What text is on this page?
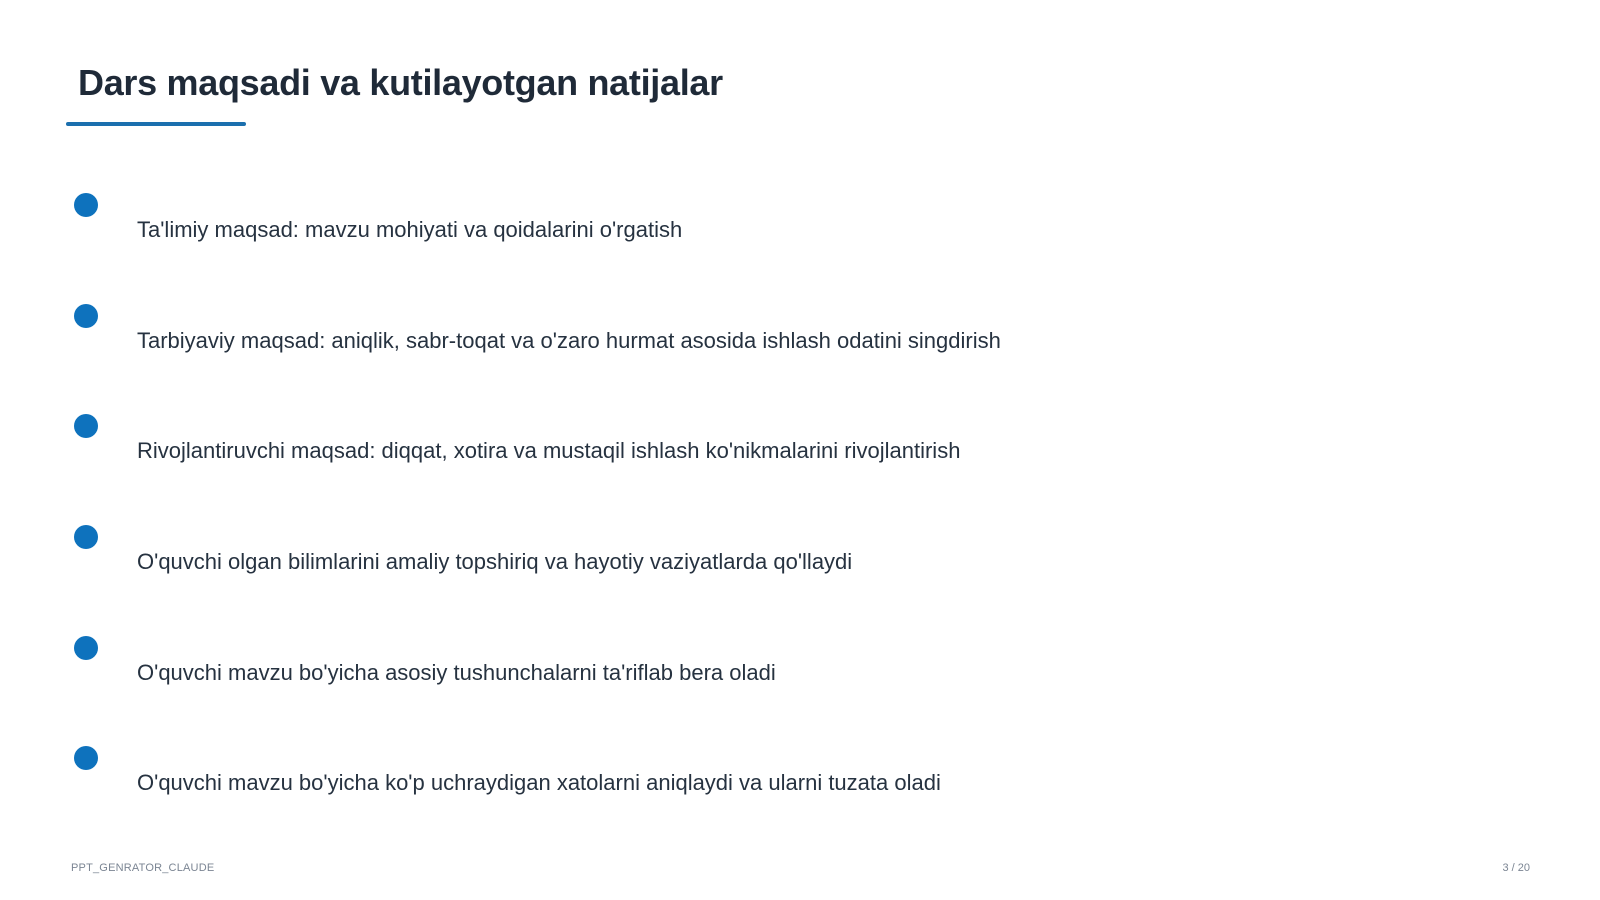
Dars maqsadi va kutilayotgan natijalar
Ta'limiy maqsad: mavzu mohiyati va qoidalarini o'rgatish
Tarbiyaviy maqsad: aniqlik, sabr-toqat va o'zaro hurmat asosida ishlash odatini singdirish
Rivojlantiruvchi maqsad: diqqat, xotira va mustaqil ishlash ko'nikmalarini rivojlantirish
O'quvchi olgan bilimlarini amaliy topshiriq va hayotiy vaziyatlarda qo'llaydi
O'quvchi mavzu bo'yicha asosiy tushunchalarni ta'riflab bera oladi
O'quvchi mavzu bo'yicha ko'p uchraydigan xatolarni aniqlaydi va ularni tuzata oladi
PPT_GENRATOR_CLAUDE	3 / 20
